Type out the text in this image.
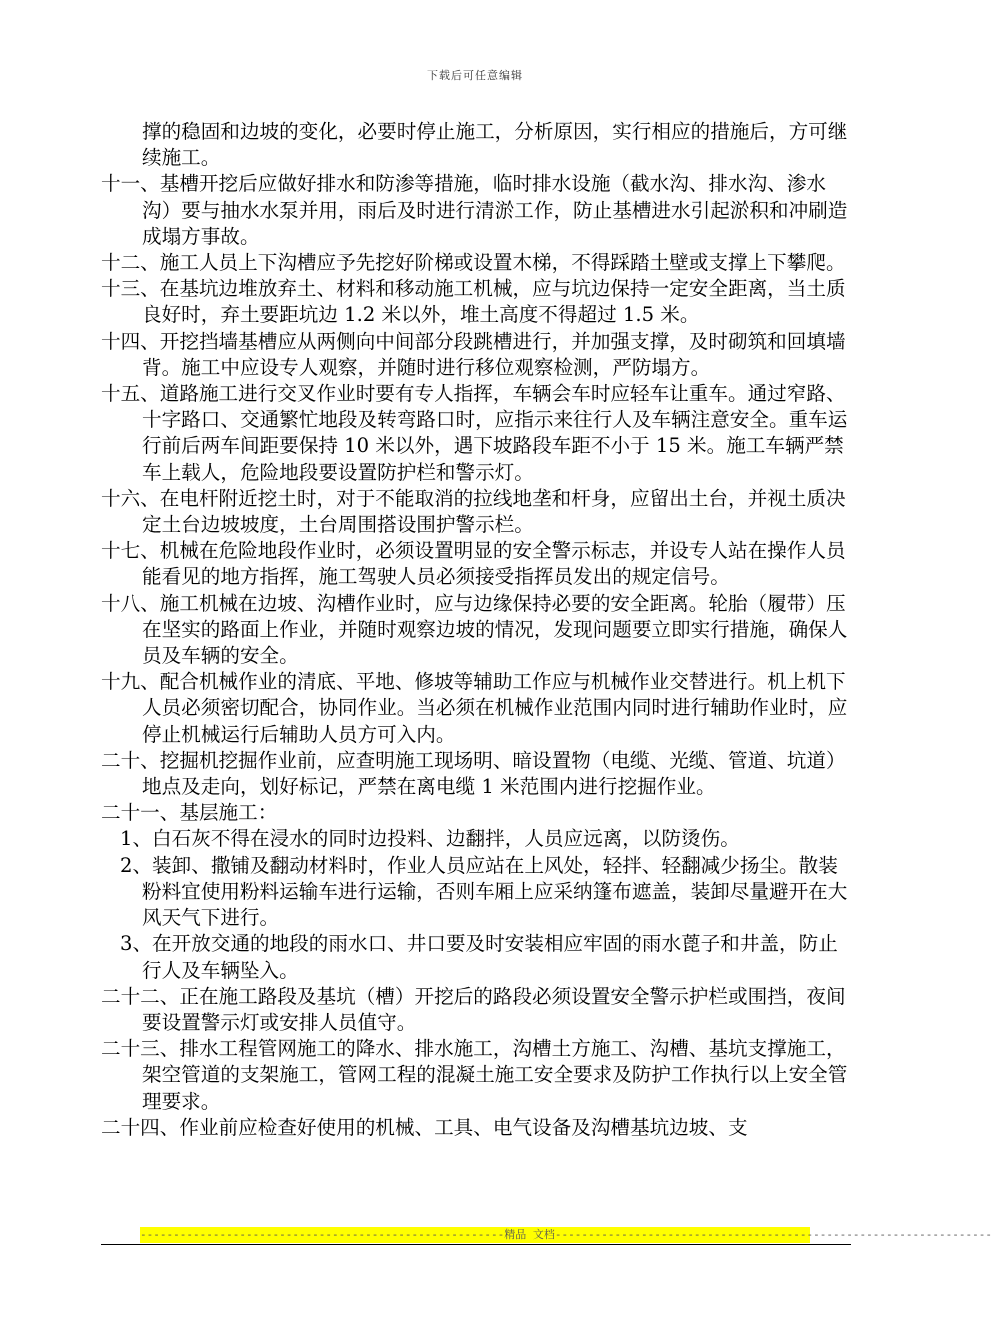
下载后可任意编辑

撑的稳固和边坡的变化，必要时停止施工，分析原因，实行相应的措施后，方可继续施工。

十一、基槽开挖后应做好排水和防渗等措施，临时排水设施（截水沟、排水沟、渗水沟）要与抽水水泵并用，雨后及时进行清淤工作，防止基槽进水引起淤积和冲刷造成塌方事故。

十二、施工人员上下沟槽应予先挖好阶梯或设置木梯，不得踩踏土壁或支撑上下攀爬。

十三、在基坑边堆放弃土、材料和移动施工机械，应与坑边保持一定安全距离，当土质良好时，弃土要距坑边 1.2 米以外，堆土高度不得超过 1.5 米。

十四、开挖挡墙基槽应从两侧向中间部分段跳槽进行，并加强支撑，及时砌筑和回填墙背。施工中应设专人观察，并随时进行移位观察检测，严防塌方。

十五、道路施工进行交叉作业时要有专人指挥，车辆会车时应轻车让重车。通过窄路、十字路口、交通繁忙地段及转弯路口时，应指示来往行人及车辆注意安全。重车运行前后两车间距要保持 10 米以外，遇下坡路段车距不小于 15 米。施工车辆严禁车上载人，危险地段要设置防护栏和警示灯。

十六、在电杆附近挖土时，对于不能取消的拉线地垄和杆身，应留出土台，并视土质决定土台边坡坡度，土台周围搭设围护警示栏。

十七、机械在危险地段作业时，必须设置明显的安全警示标志，并设专人站在操作人员能看见的地方指挥，施工驾驶人员必须接受指挥员发出的规定信号。

十八、施工机械在边坡、沟槽作业时，应与边缘保持必要的安全距离。轮胎（履带）压在坚实的路面上作业，并随时观察边坡的情况，发现问题要立即实行措施，确保人员及车辆的安全。

十九、配合机械作业的清底、平地、修坡等辅助工作应与机械作业交替进行。机上机下人员必须密切配合，协同作业。当必须在机械作业范围内同时进行辅助作业时，应停止机械运行后辅助人员方可入内。

二十、挖掘机挖掘作业前，应查明施工现场明、暗设置物（电缆、光缆、管道、坑道）地点及走向，划好标记，严禁在离电缆 1 米范围内进行挖掘作业。

二十一、基层施工：

1、白石灰不得在浸水的同时边投料、边翻拌，人员应远离，以防烫伤。

2、装卸、撒铺及翻动材料时，作业人员应站在上风处，轻拌、轻翻减少扬尘。散装粉料宜使用粉料运输车进行运输，否则车厢上应采纳篷布遮盖，装卸尽量避开在大风天气下进行。

3、在开放交通的地段的雨水口、井口要及时安装相应牢固的雨水蓖子和井盖，防止行人及车辆坠入。

二十二、正在施工路段及基坑（槽）开挖后的路段必须设置安全警示护栏或围挡，夜间要设置警示灯或安排人员值守。

二十三、排水工程管网施工的降水、排水施工，沟槽土方施工、沟槽、基坑支撑施工，架空管道的支架施工，管网工程的混凝土施工安全要求及防护工作执行以上安全管理要求。

二十四、作业前应检查好使用的机械、工具、电气设备及沟槽基坑边坡、支

-------------------------------------------------------精品 文档------------------------------------------------------------------
